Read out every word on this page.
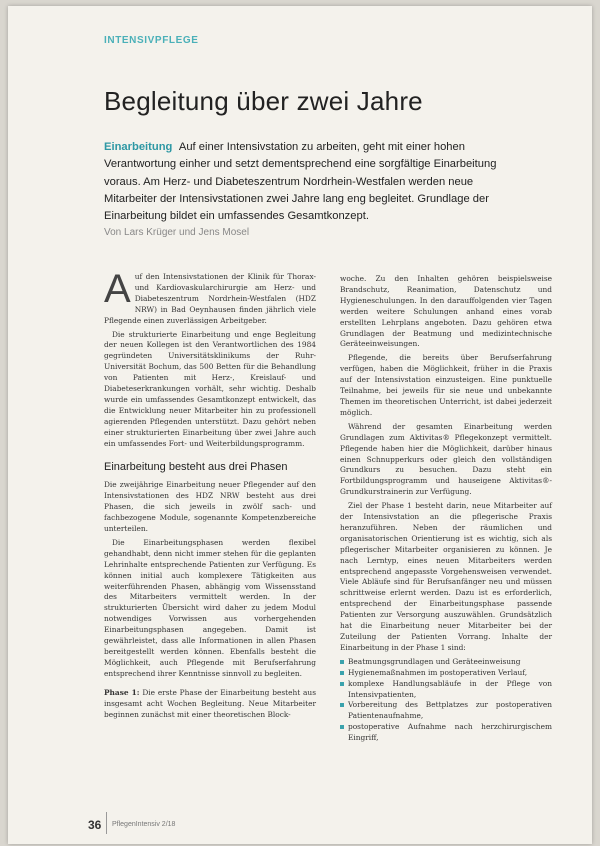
INTENSIVPFLEGE
Begleitung über zwei Jahre
Einarbeitung Auf einer Intensivstation zu arbeiten, geht mit einer hohen Verantwortung einher und setzt dementsprechend eine sorgfältige Einarbeitung voraus. Am Herz- und Diabeteszentrum Nordrhein-Westfalen werden neue Mitarbeiter der Intensivstationen zwei Jahre lang eng begleitet. Grundlage der Einarbeitung bildet ein umfassendes Gesamtkonzept.
Von Lars Krüger und Jens Mosel

Auf den Intensivstationen der Klinik für Thorax- und Kardiovaskularchirurgie am Herz- und Diabeteszentrum Nordrhein-Westfalen (HDZ NRW) in Bad Oeynhausen finden jährlich viele Pflegende einen zuverlässigen Arbeitgeber.

Die strukturierte Einarbeitung und enge Begleitung der neuen Kollegen ist den Verantwortlichen des 1984 gegründeten Universitätsklinikums der Ruhr-Universität Bochum, das 500 Betten für die Behandlung von Patienten mit Herz-, Kreislauf- und Diabeteserkrankungen vorhält, sehr wichtig. Deshalb wurde ein umfassendes Gesamtkonzept entwickelt, das die Entwicklung neuer Mitarbeiter hin zu professionell agierenden Pflegenden unterstützt. Dazu gehört neben einer strukturierten Einarbeitung über zwei Jahre auch ein umfassendes Fort- und Weiterbildungsprogramm.

Einarbeitung besteht aus drei Phasen

Die zweijährige Einarbeitung neuer Pflegender auf den Intensivstationen des HDZ NRW besteht aus drei Phasen, die sich jeweils in zwölf sach- und fachbezogene Module, sogenannte Kompetenzbereiche unterteilen.

Die Einarbeitungsphasen werden flexibel gehandhabt, denn nicht immer stehen für die geplanten Lehrinhalte entsprechende Patienten zur Verfügung. Es können initial auch komplexere Tätigkeiten aus weiterführenden Phasen, abhängig vom Wissensstand des Mitarbeiters vermittelt werden. In der strukturierten Übersicht wird daher zu jedem Modul notwendiges Vorwissen aus vorhergehenden Einarbeitungsphasen angegeben. Damit ist gewährleistet, dass alle Informationen in allen Phasen bereitgestellt werden können. Ebenfalls besteht die Möglichkeit, auch Pflegende mit Berufserfahrung entsprechend ihrer Kenntnisse sinnvoll zu begleiten.

Phase 1: Die erste Phase der Einarbeitung besteht aus insgesamt acht Wochen Begleitung. Neue Mitarbeiter beginnen zunächst mit einer theoretischen Block-

woche. Zu den Inhalten gehören beispielsweise Brandschutz, Reanimation, Datenschutz und Hygieneschulungen. In den darauffolgenden vier Tagen werden weitere Schulungen anhand eines vorab erstellten Lehrplans angeboten. Dazu gehören etwa Grundlagen der Beatmung und medizintechnische Geräteeinweisungen.

Pflegende, die bereits über Berufserfahrung verfügen, haben die Möglichkeit, früher in die Praxis auf der Intensivstation einzusteigen. Eine punktuelle Teilnahme, bei jeweils für sie neue und unbekannte Themen im theoretischen Unterricht, ist dabei jederzeit möglich.

Während der gesamten Einarbeitung werden Grundlagen zum Aktivitas® Pflegekonzept vermittelt. Pflegende haben hier die Möglichkeit, darüber hinaus einen Schnupperkurs oder gleich den vollständigen Grundkurs zu besuchen. Dazu steht ein Fortbildungsprogramm und hauseigene Aktivitas®-Grundkurstrainerin zur Verfügung.

Ziel der Phase 1 besteht darin, neue Mitarbeiter auf der Intensivstation an die pflegerische Praxis heranzuführen. Neben der räumlichen und organisatorischen Orientierung ist es wichtig, sich als pflegerischer Mitarbeiter organisieren zu können. Je nach Lerntyp, eines neuen Mitarbeiters werden entsprechend angepasste Vorgehensweisen verwendet. Viele Abläufe sind für Berufsanfänger neu und müssen schrittweise erlernt werden. Dazu ist es erforderlich, entsprechend der Einarbeitungsphase passende Patienten zur Versorgung auszuwählen. Grundsätzlich hat die Einarbeitung neuer Mitarbeiter bei der Zuteilung der Patienten Vorrang. Inhalte der Einarbeitung in der Phase 1 sind:

Beatmungsgrundlagen und Geräteeinweisung
Hygienemaßnahmen im postoperativen Verlauf,
komplexe Handlungsabläufe in der Pflege von Intensivpatienten,
Vorbereitung des Bettplatzes zur postoperativen Patientenaufnahme,
postoperative Aufnahme nach herzchirurgischem Eingriff,
36 PflegenIntensiv 2/18
